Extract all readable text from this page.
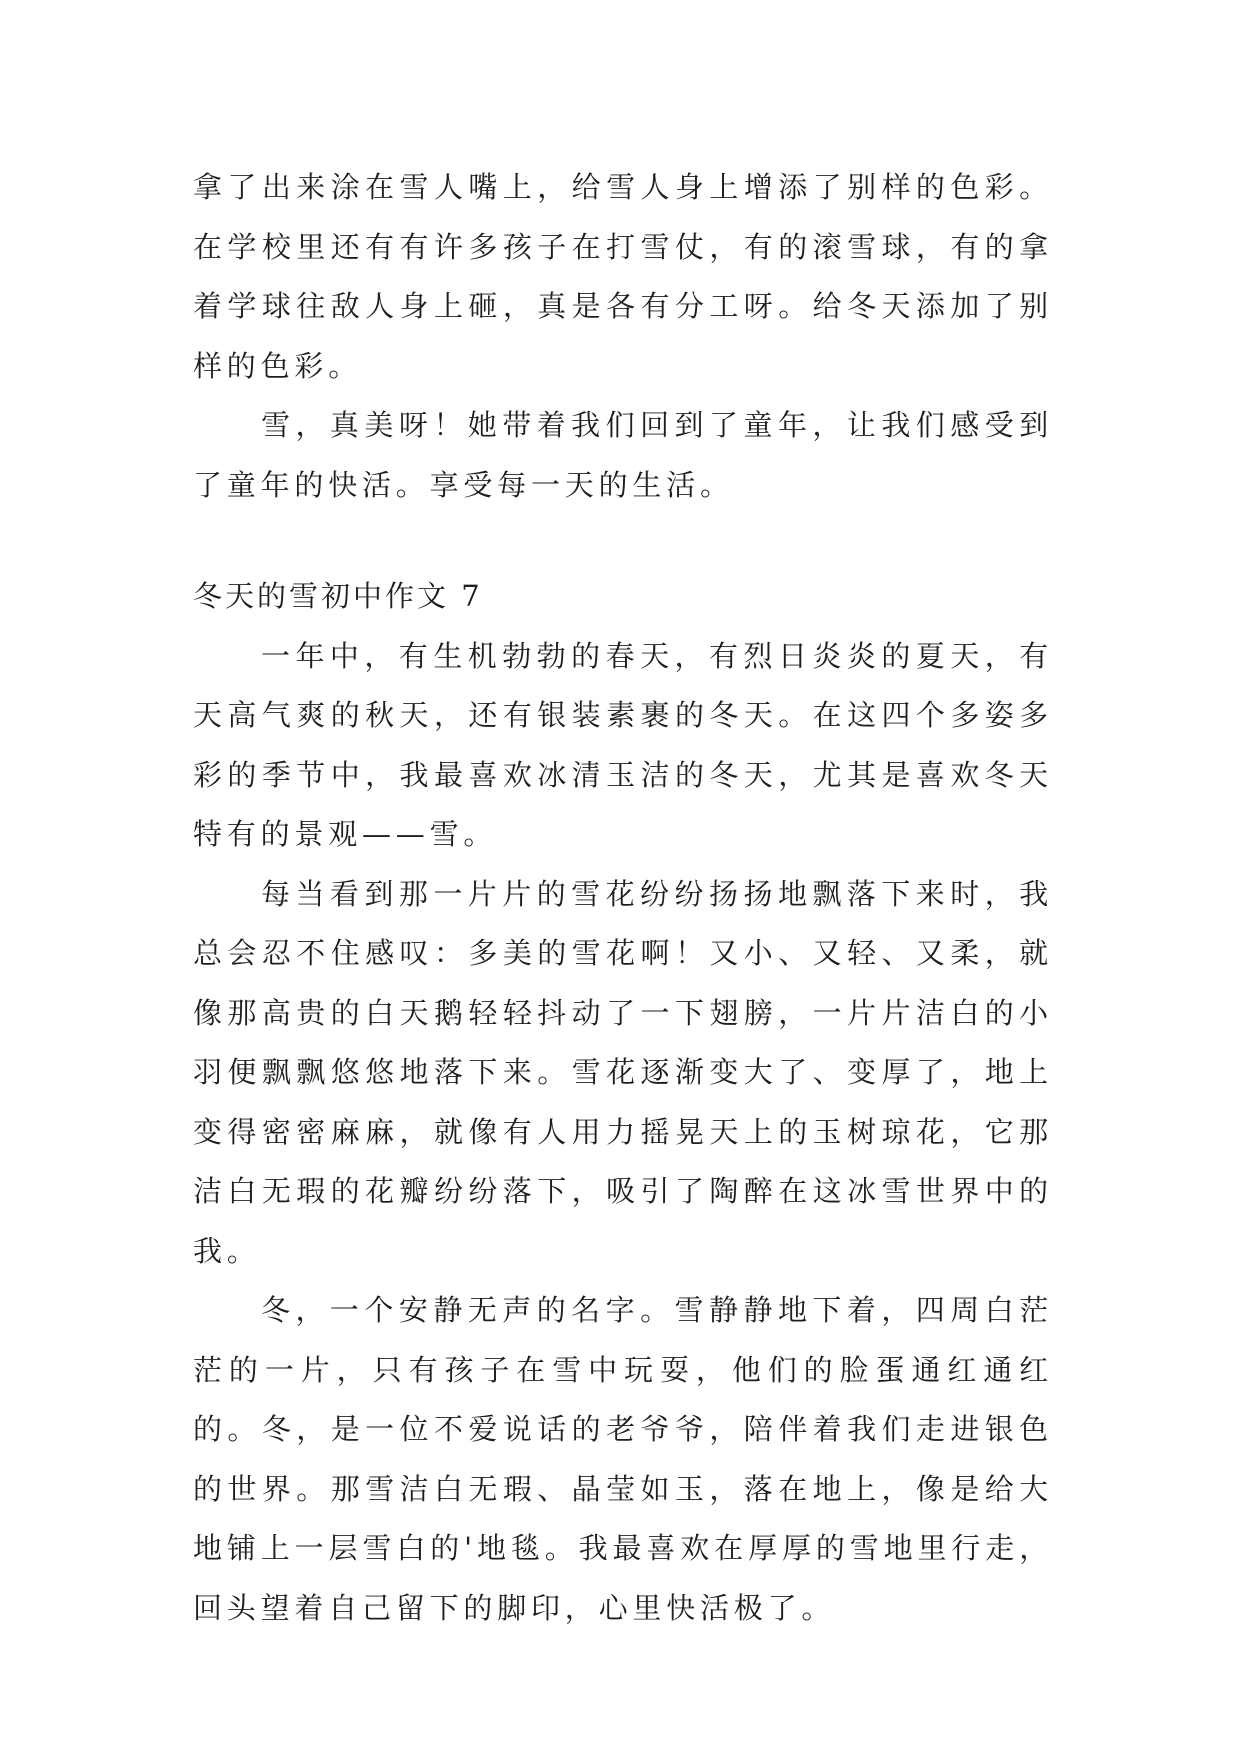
拿了出来涂在雪人嘴上，给雪人身上增添了别样的色彩。在学校里还有有许多孩子在打雪仗，有的滚雪球，有的拿着学球往敌人身上砸，真是各有分工呀。给冬天添加了别样的色彩。

雪，真美呀！她带着我们回到了童年，让我们感受到了童年的快活。享受每一天的生活。

冬天的雪初中作文 7

一年中，有生机勃勃的春天，有烈日炎炎的夏天，有天高气爽的秋天，还有银装素裹的冬天。在这四个多姿多彩的季节中，我最喜欢冰清玉洁的冬天，尤其是喜欢冬天特有的景观——雪。

每当看到那一片片的雪花纷纷扬扬地飘落下来时，我总会忍不住感叹：多美的雪花啊！又小、又轻、又柔，就像那高贵的白天鹅轻轻抖动了一下翅膀，一片片洁白的小羽便飘飘悠悠地落下来。雪花逐渐变大了、变厚了，地上变得密密麻麻，就像有人用力摇晃天上的玉树琼花，它那洁白无瑕的花瓣纷纷落下，吸引了陶醉在这冰雪世界中的我。

冬，一个安静无声的名字。雪静静地下着，四周白茫茫的一片，只有孩子在雪中玩耍，他们的脸蛋通红通红的。冬，是一位不爱说话的老爷爷，陪伴着我们走进银色的世界。那雪洁白无瑕、晶莹如玉，落在地上，像是给大地铺上一层雪白的'地毯。我最喜欢在厚厚的雪地里行走，回头望着自己留下的脚印，心里快活极了。
